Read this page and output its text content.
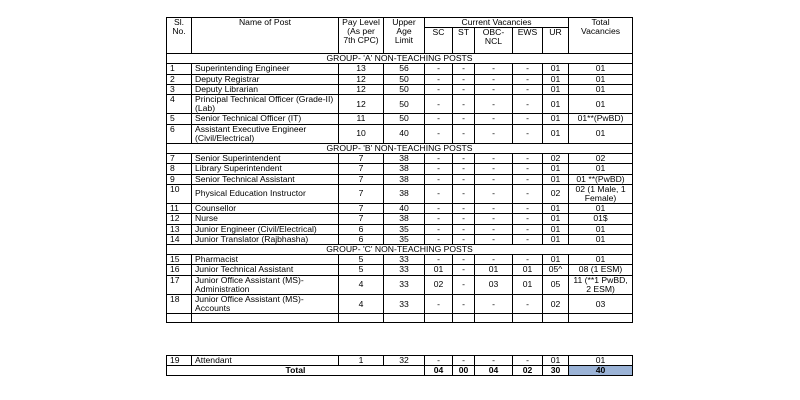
Sl. No.	Name of Post	Pay Level (As per 7th CPC)	Upper Age Limit	Current Vacancies					Total Vacancies
				SC	ST	OBC-NCL	EWS	UR	
GROUP- 'A' NON-TEACHING POSTS									
1	Superintending Engineer	13	56	-	-	-	-	01	01
2	Deputy Registrar	12	50	-	-	-	-	01	01
3	Deputy Librarian	12	50	-	-	-	-	01	01
4	Principal Technical Officer (Grade-II) (Lab)	12	50	-	-	-	-	01	01
5	Senior Technical Officer (IT)	11	50	-	-	-	-	01	01**(PwBD)
6	Assistant Executive Engineer (Civil/Electrical)	10	40	-	-	-	-	01	01
GROUP- 'B' NON-TEACHING POSTS									
7	Senior Superintendent	7	38	-	-	-	-	02	02
8	Library Superintendent	7	38	-	-	-	-	01	01
9	Senior Technical Assistant	7	38	-	-	-	-	01	01 **(PwBD)
10	Physical Education Instructor	7	38	-	-	-	-	02	02 (1 Male, 1 Female)
11	Counsellor	7	40	-	-	-	-	01	01
12	Nurse	7	38	-	-	-	-	01	01$
13	Junior Engineer (Civil/Electrical)	6	35	-	-	-	-	01	01
14	Junior Translator (Rajbhasha)	6	35	-	-	-	-	01	01
GROUP- 'C' NON-TEACHING POSTS									
15	Pharmacist	5	33	-	-	-	-	01	01
16	Junior Technical Assistant	5	33	01	-	01	01	05^	08 (1 ESM)
17	Junior Office Assistant (MS)-Administration	4	33	02	-	03	01	05	11 (**1 PwBD, 2 ESM)
18	Junior Office Assistant (MS)-Accounts	4	33	-	-	-	-	02	03

19	Attendant	1	32	-	-	-	-	01	01
Total				04	00	04	02	30	40
